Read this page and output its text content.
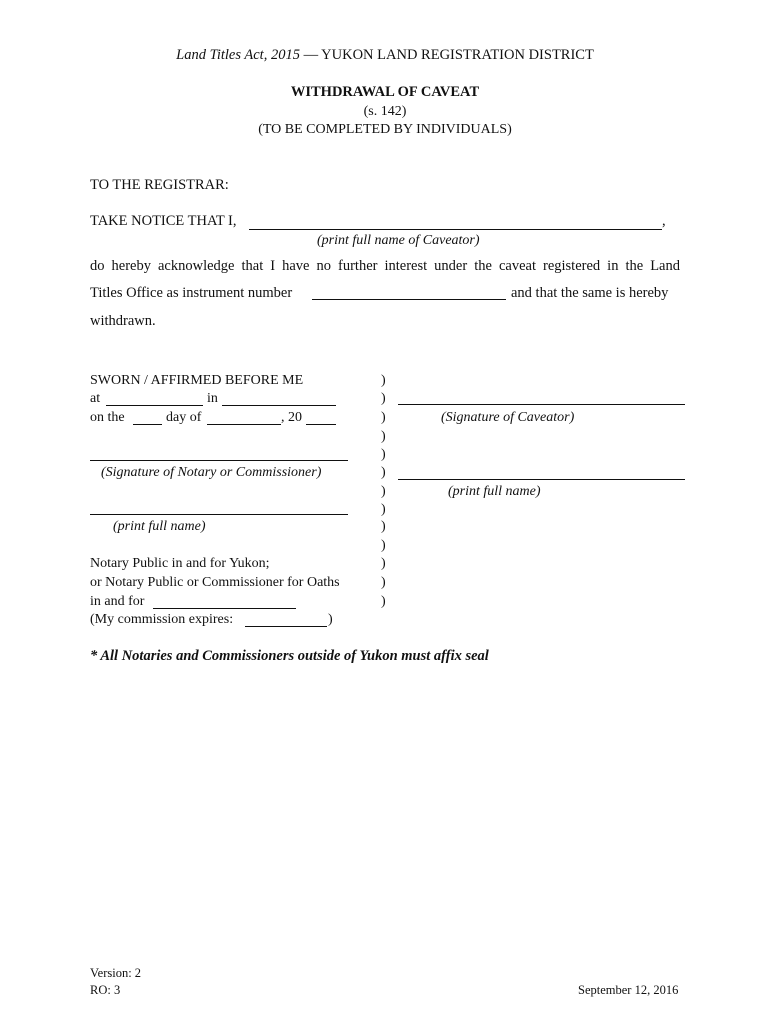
Land Titles Act, 2015 — YUKON LAND REGISTRATION DISTRICT
WITHDRAWAL OF CAVEAT
(s. 142)
(TO BE COMPLETED BY INDIVIDUALS)
TO THE REGISTRAR:
TAKE NOTICE THAT I,	,
(print full name of Caveator)
do hereby acknowledge that I have no further interest under the caveat registered in the Land
Titles Office as instrument number	and that the same is hereby
withdrawn.
SWORN / AFFIRMED BEFORE ME
at	in
on the	day of	, 20
(Signature of Notary or Commissioner)
(print full name)
Notary Public in and for Yukon;
or Notary Public or Commissioner for Oaths
in and for
(My commission expires:	)
)
)
)
)
)
)
)
)
)
)
)
)
)
(Signature of Caveator)
(print full name)
* All Notaries and Commissioners outside of Yukon must affix seal
Version: 2
RO: 3	September 12, 2016
